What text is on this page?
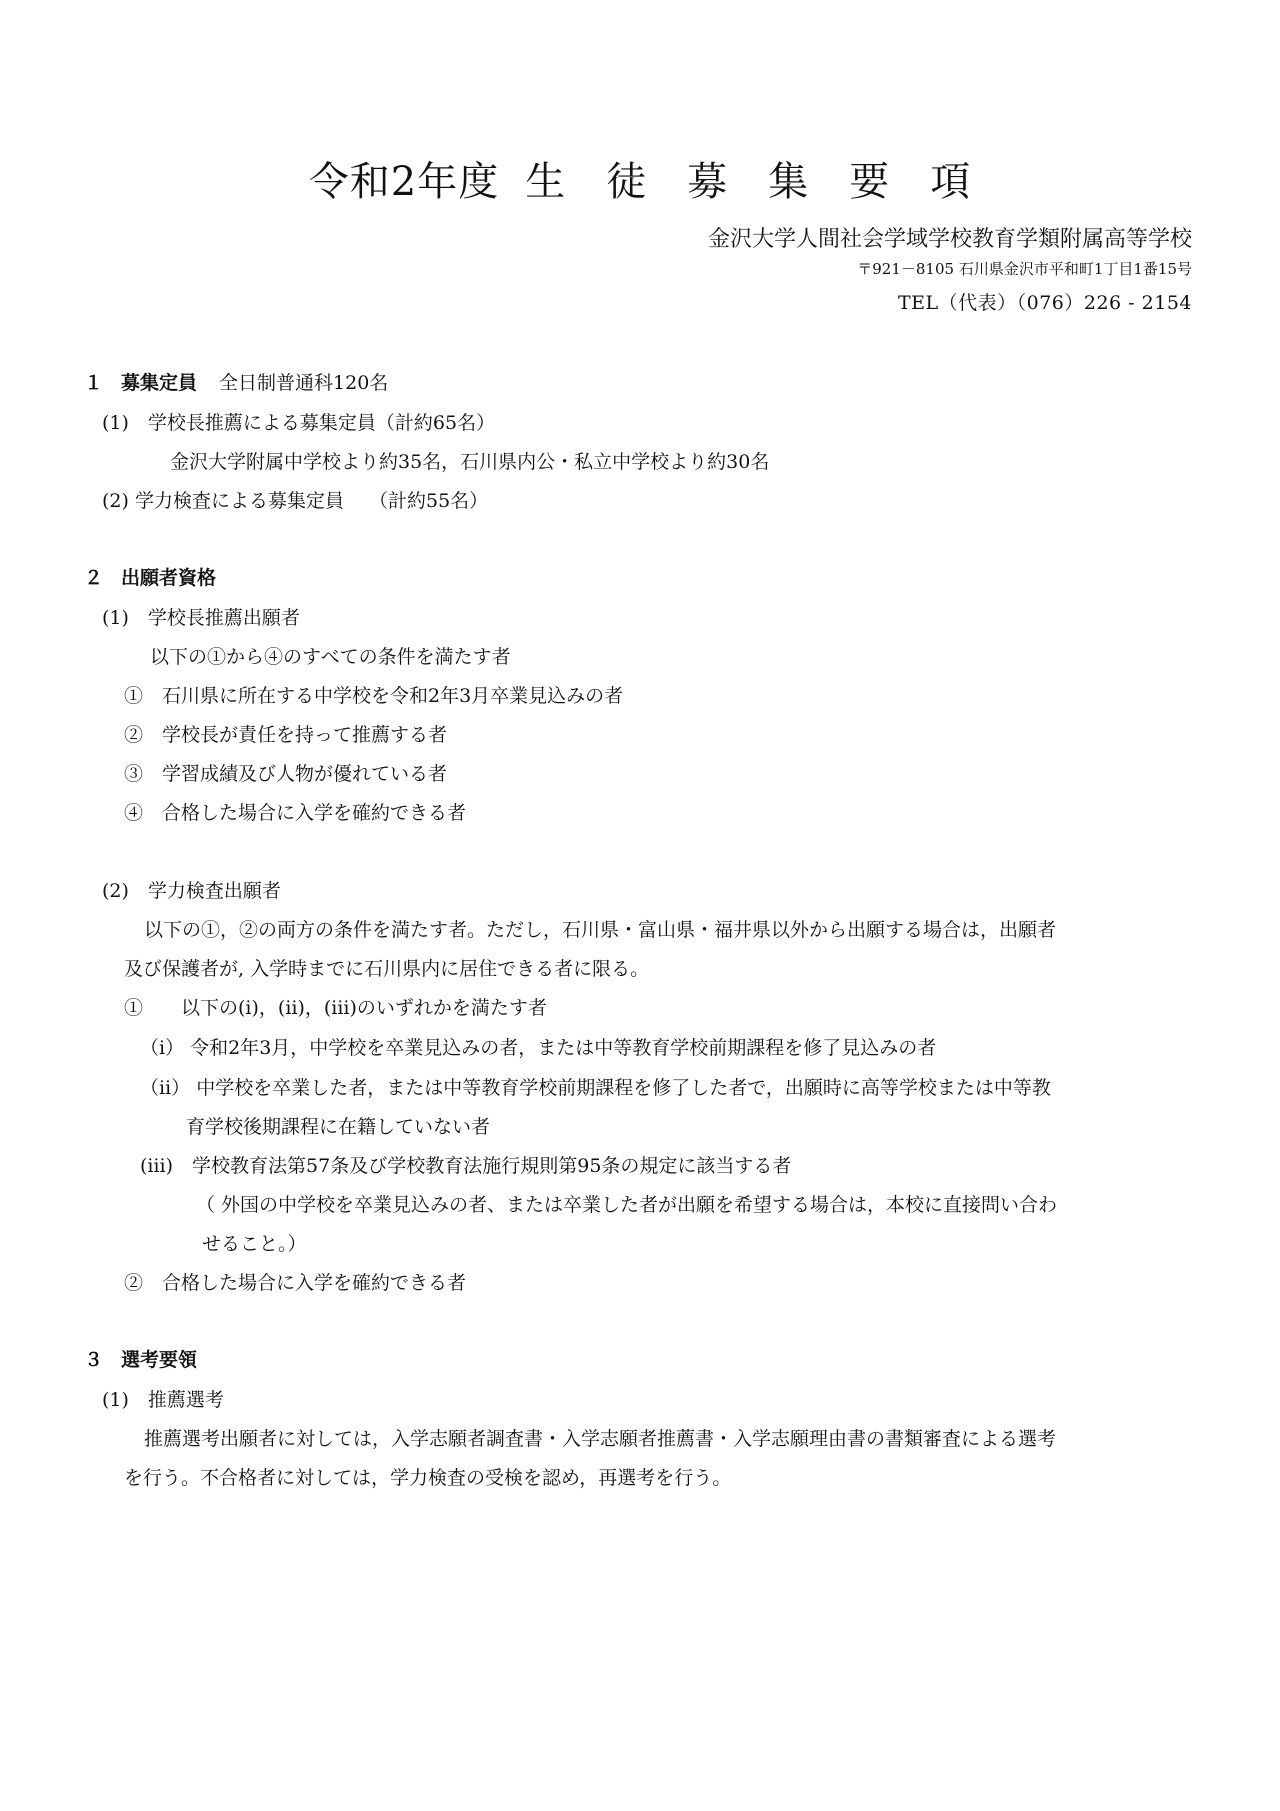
令和2年度 生 徒 募 集 要 項
金沢大学人間社会学域学校教育学類附属高等学校
〒921－8105 石川県金沢市平和町1丁目1番15号
TEL（代表）（076）226 ‐ 2154
１ 募集定員 全日制普通科120名
(1)　学校長推薦による募集定員（計約65名）
金沢大学附属中学校より約35名，石川県内公・私立中学校より約30名
(2) 学力検査による募集定員　 （計約55名）
２ 出願者資格
(1)　学校長推薦出願者
以下の①から④のすべての条件を満たす者
①　石川県に所在する中学校を令和2年3月卒業見込みの者
②　学校長が責任を持って推薦する者
③　学習成績及び人物が優れている者
④　合格した場合に入学を確約できる者
(2)　学力検査出願者
以下の①，②の両方の条件を満たす者。ただし，石川県・富山県・福井県以外から出願する場合は，出願者
及び保護者が, 入学時までに石川県内に居住できる者に限る。
①　　以下の(ⅰ)，(ⅱ)，(ⅲ)のいずれかを満たす者
（ⅰ） 令和2年3月，中学校を卒業見込みの者，または中等教育学校前期課程を修了見込みの者
（ⅱ） 中学校を卒業した者，または中等教育学校前期課程を修了した者で，出願時に高等学校または中等教
育学校後期課程に在籍していない者
(ⅲ)　学校教育法第57条及び学校教育法施行規則第95条の規定に該当する者
（ 外国の中学校を卒業見込みの者、または卒業した者が出願を希望する場合は，本校に直接問い合わ
せること。）
②　合格した場合に入学を確約できる者
３ 選考要領
(1)　推薦選考
推薦選考出願者に対しては，入学志願者調査書・入学志願者推薦書・入学志願理由書の書類審査による選考
を行う。不合格者に対しては，学力検査の受検を認め，再選考を行う。
